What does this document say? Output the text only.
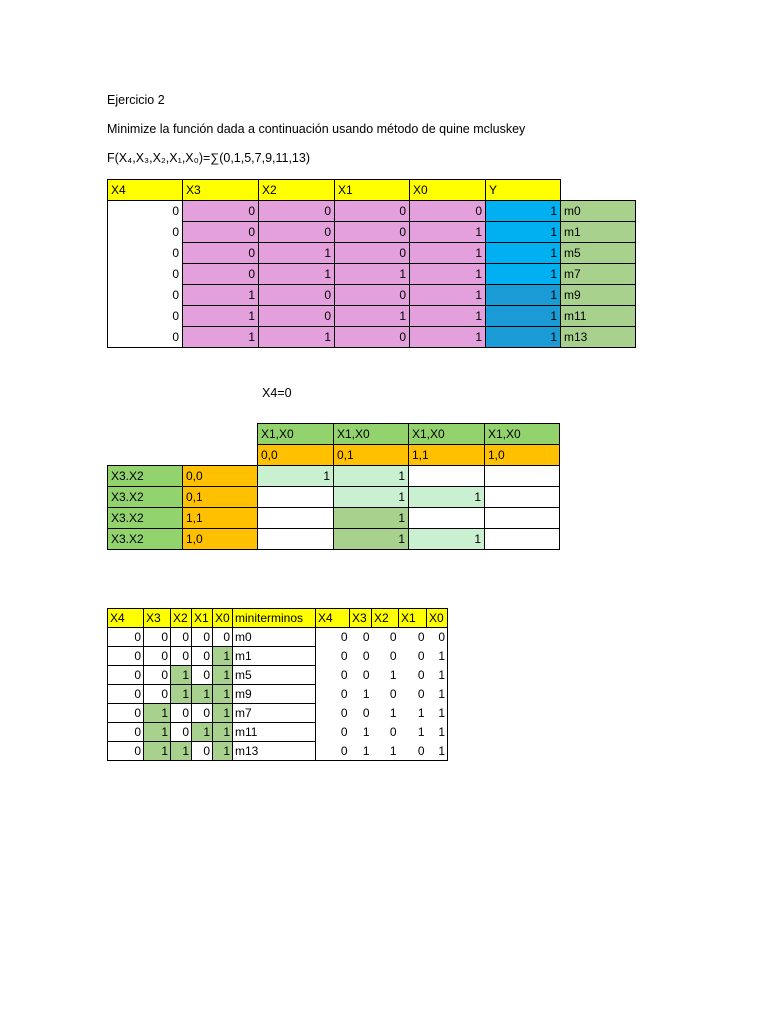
Ejercicio 2
Minimize la función dada a continuación usando método de quine mcluskey
F(X₄,X₃,X₂,X₁,X₀)=∑(0,1,5,7,9,11,13)
X4	X3	X2	X1	X0	Y	
0	0	0	0	0	1	m0
0	0	0	0	1	1	m1
0	0	1	0	1	1	m5
0	0	1	1	1	1	m7
0	1	0	0	1	1	m9
0	1	0	1	1	1	m11
0	1	1	0	1	1	m13
X4=0
		X1,X0	X1,X0	X1,X0	X1,X0
		0,0	0,1	1,1	1,0
X3.X2	0,0	1	1		
X3.X2	0,1		1	1	
X3.X2	1,1		1		
X3.X2	1,0		1	1	
X4	X3	X2	X1	X0	miniterminos	X4	X3	X2	X1	X0
0	0	0	0	0	m0	0	0	0	0	0
0	0	0	0	1	m1	0	0	0	0	1
0	0	1	0	1	m5	0	0	1	0	1
0	0	1	1	1	m9	0	1	0	0	1
0	1	0	0	1	m7	0	0	1	1	1
0	1	0	1	1	m11	0	1	0	1	1
0	1	1	0	1	m13	0	1	1	0	1
